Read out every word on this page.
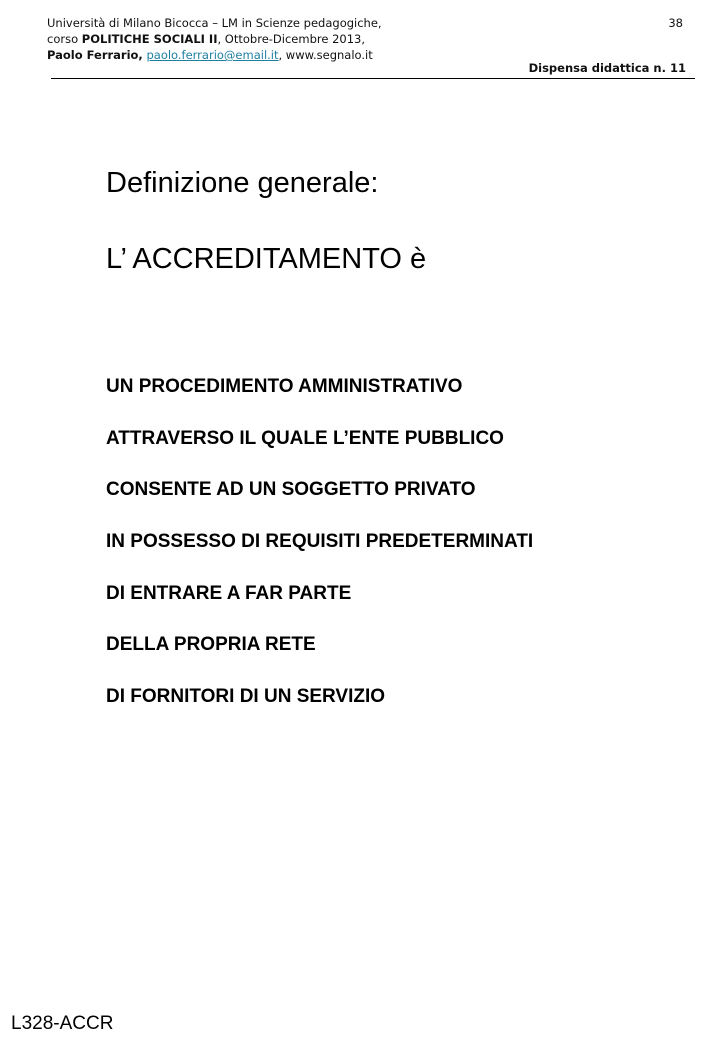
Università di Milano Bicocca – LM in Scienze pedagogiche,
corso POLITICHE SOCIALI II, Ottobre-Dicembre 2013,
Paolo Ferrario, paolo.ferrario@email.it, www.segnalo.it
38
Dispensa didattica n. 11
Definizione generale:
L’ ACCREDITAMENTO è
UN PROCEDIMENTO AMMINISTRATIVO
ATTRAVERSO IL QUALE L’ENTE PUBBLICO
CONSENTE AD UN SOGGETTO PRIVATO
IN POSSESSO DI REQUISITI PREDETERMINATI
DI ENTRARE A FAR PARTE
DELLA PROPRIA RETE
DI FORNITORI DI UN SERVIZIO
L328-ACCR
